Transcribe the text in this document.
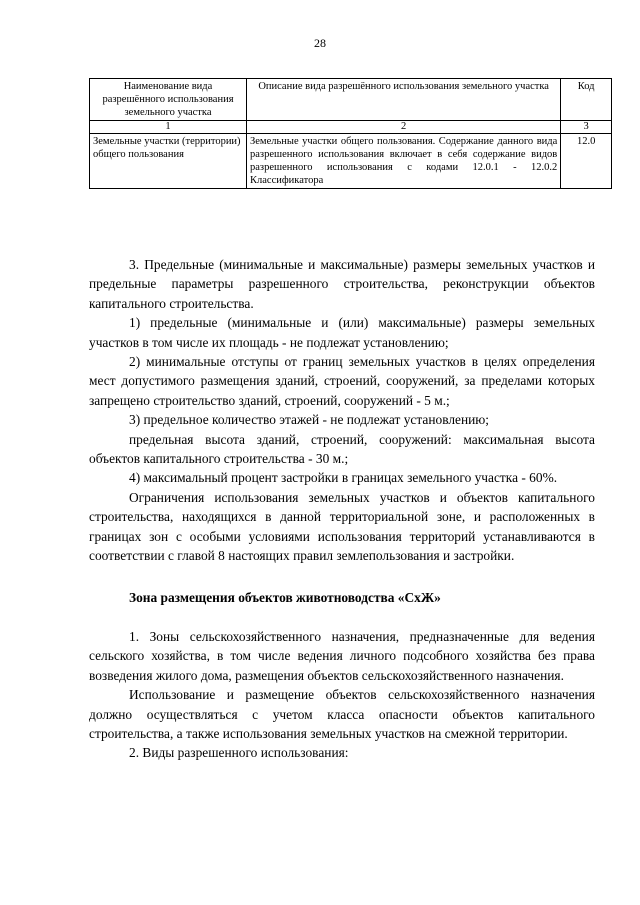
28
Наименование вида разрешённого использования земельного участка	Описание вида разрешённого использования земельного участка	Код
1	2	3
Земельные участки (территории) общего пользования	Земельные участки общего пользования. Содержание данного вида разрешенного использования включает в себя содержание видов разрешенного использования с кодами 12.0.1 - 12.0.2 Классификатора	12.0

3. Предельные (минимальные и максимальные) размеры земельных участков и предельные параметры разрешенного строительства, реконструкции объектов капитального строительства.

1) предельные (минимальные и (или) максимальные) размеры земельных участков в том числе их площадь - не подлежат установлению;

2) минимальные отступы от границ земельных участков в целях определения мест допустимого размещения зданий, строений, сооружений, за пределами которых запрещено строительство зданий, строений, сооружений - 5 м.;

3) предельное количество этажей - не подлежат установлению;

предельная высота зданий, строений, сооружений: максимальная высота объектов капитального строительства - 30 м.;

4) максимальный процент застройки в границах земельного участка - 60%.

Ограничения использования земельных участков и объектов капитального строительства, находящихся в данной территориальной зоне, и расположенных в границах зон с особыми условиями использования территорий устанавливаются в соответствии с главой 8 настоящих правил землепользования и застройки.

Зона размещения объектов животноводства «СхЖ»

1. Зоны сельскохозяйственного назначения, предназначенные для ведения сельского хозяйства, в том числе ведения личного подсобного хозяйства без права возведения жилого дома, размещения объектов сельскохозяйственного назначения.

Использование и размещение объектов сельскохозяйственного назначения должно осуществляться с учетом класса опасности объектов капитального строительства, а также использования земельных участков на смежной территории.

2. Виды разрешенного использования:
